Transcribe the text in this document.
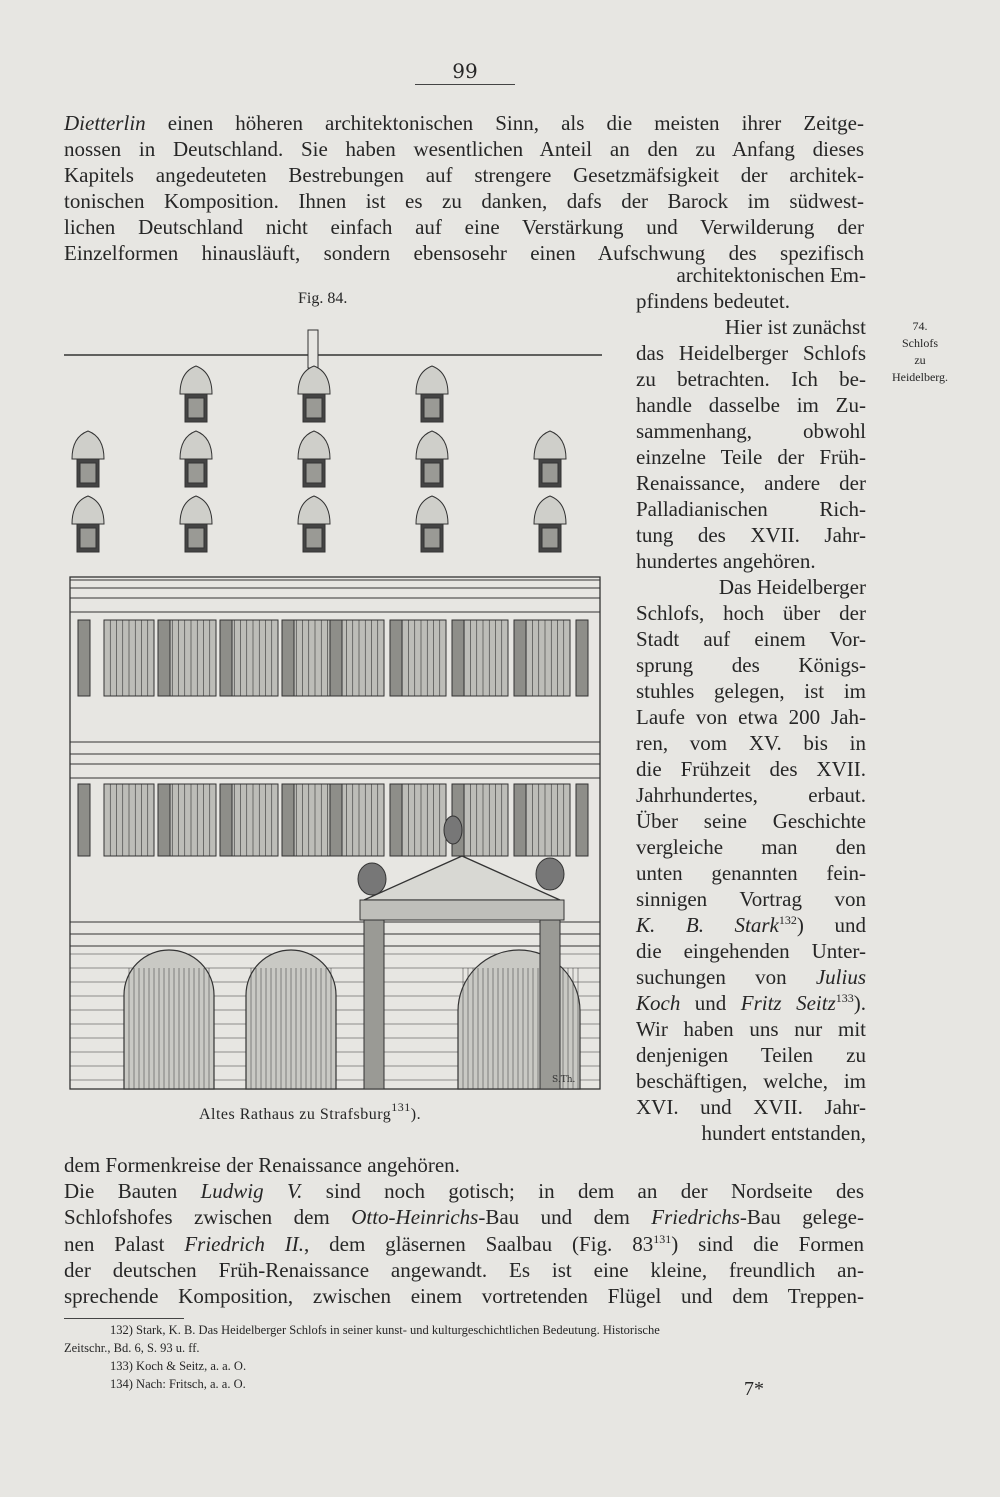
99
Dietterlin einen höheren architektonischen Sinn, als die meisten ihrer Zeitge-
nossen in Deutschland. Sie haben wesentlichen Anteil an den zu Anfang dieses
Kapitels angedeuteten Bestrebungen auf strengere Gesetzmäfsigkeit der architek-
tonischen Komposition. Ihnen ist es zu danken, dafs der Barock im südwest-
lichen Deutschland nicht einfach auf eine Verstärkung und Verwilderung der
Einzelformen hinausläuft, sondern ebensosehr einen Aufschwung des spezifisch
architektonischen Em-
pfindens bedeutet.
Hier ist zunächst
das Heidelberger Schlofs
zu betrachten. Ich be-
handle dasselbe im Zu-
sammenhang, obwohl
einzelne Teile der Früh-
Renaissance, andere der
Palladianischen Rich-
tung des XVII. Jahr-
hundertes angehören.
Das Heidelberger
Schlofs, hoch über der
Stadt auf einem Vor-
sprung des Königs-
stuhles gelegen, ist im
Laufe von etwa 200 Jah-
ren, vom XV. bis in
die Frühzeit des XVII.
Jahrhundertes, erbaut.
Über seine Geschichte
vergleiche man den
unten genannten fein-
sinnigen Vortrag von
K. B. Stark$^{132}$) und
die eingehenden Unter-
suchungen von Julius
Koch und Fritz Seitz$^{133}$).
Wir haben uns nur mit
denjenigen Teilen zu
beschäftigen, welche, im
XVI. und XVII. Jahr-
hundert entstanden,
dem Formenkreise der Renaissance angehören.
Die Bauten Ludwig V. sind noch gotisch; in dem an der Nordseite des
Schlofshofes zwischen dem Otto-Heinrichs-Bau und dem Friedrichs-Bau gelege-
nen Palast Friedrich II., dem gläsernen Saalbau (Fig. $83^{131}$) sind die Formen
der deutschen Früh-Renaissance angewandt. Es ist eine kleine, freundlich an-
sprechende Komposition, zwischen einem vortretenden Flügel und dem Treppen-
74.
Schlofs
zu
Heidelberg.
Fig. 84.
S.Th.
Altes Rathaus zu Strafsburg$^{131}$).
132) Stark, K. B. Das Heidelberger Schlofs in seiner kunst- und kulturgeschichtlichen Bedeutung. Historische
Zeitschr., Bd. 6, S. 93 u. ff.
133) Koch & Seitz, a. a. O.
134) Nach: Fritsch, a. a. O.	7*
